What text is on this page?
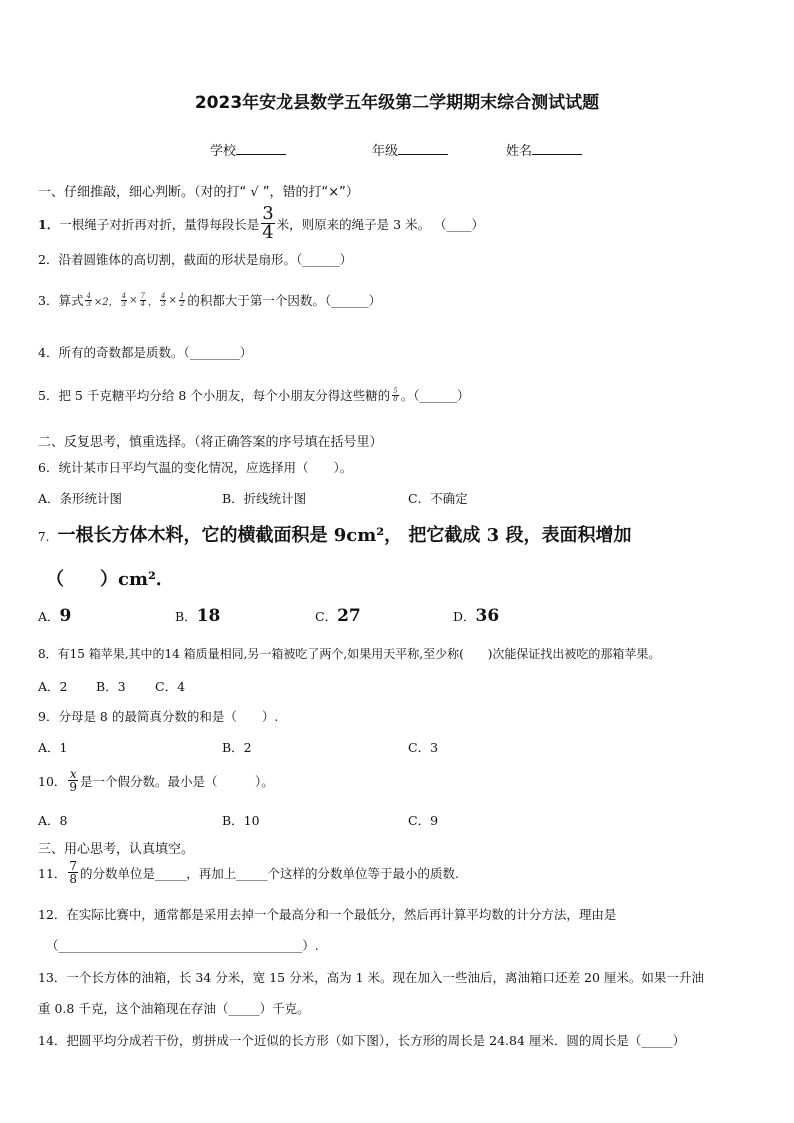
2023年安龙县数学五年级第二学期期末综合测试试题
学校	年级	姓名
一、仔细推敲，细心判断。（对的打“ √ ”，错的打“×”）
1． 一根绳子对折再对折，量得每段长是 $\frac{3}{4}$ 米，则原来的绳子是 3 米。 （____）
2．沿着圆锥体的高切割，截面的形状是扇形。（______）
3．算式 $\frac{4}{3} \times 2$， $\frac{4}{3} \times \frac{7}{4}$ ， $\frac{4}{3} \times \frac{1}{2}$ 的积都大于第一个因数。（______）
4．所有的奇数都是质数。（________）
5．把 5 千克糖平均分给 8 个小朋友，每个小朋友分得这些糖的 $\frac{5}{8}$ 。（______）
二、反复思考，慎重选择。（将正确答案的序号填在括号里）
6．统计某市日平均气温的变化情况，应选择用（　　）。
A．条形统计图	B．折线统计图	C．不确定
7. 一根长方体木料，它的横截面积是 9cm²， 把它截成 3 段，表面积增加
（　　）cm²．
A．9	B．18	C．27	D．36
8．有15 箱苹果,其中的14 箱质量相同,另一箱被吃了两个,如果用天平称,至少称(　　)次能保证找出被吃的那箱苹果。
A．2 B．3 C．4
9．分母是 8 的最简真分数的和是（　　）.
A．1	B．2	C．3
10． $\frac{x}{9}$ 是一个假分数。最小是（　　　）。
A．8	B．10	C．9
三、用心思考，认真填空。
11． $\frac{7}{8}$ 的分数单位是_____，再加上_____个这样的分数单位等于最小的质数.
12．在实际比赛中，通常都是采用去掉一个最高分和一个最低分，然后再计算平均数的计分方法，理由是
（_______________________________________）.
13．一个长方体的油箱，长 34 分米，宽 15 分米，高为 1 米。现在加入一些油后，离油箱口还差 20 厘米。如果一升油
重 0.8 千克，这个油箱现在存油（_____）千克。
14．把圆平均分成若干份，剪拼成一个近似的长方形（如下图），长方形的周长是 24.84 厘米．圆的周长是（_____）
